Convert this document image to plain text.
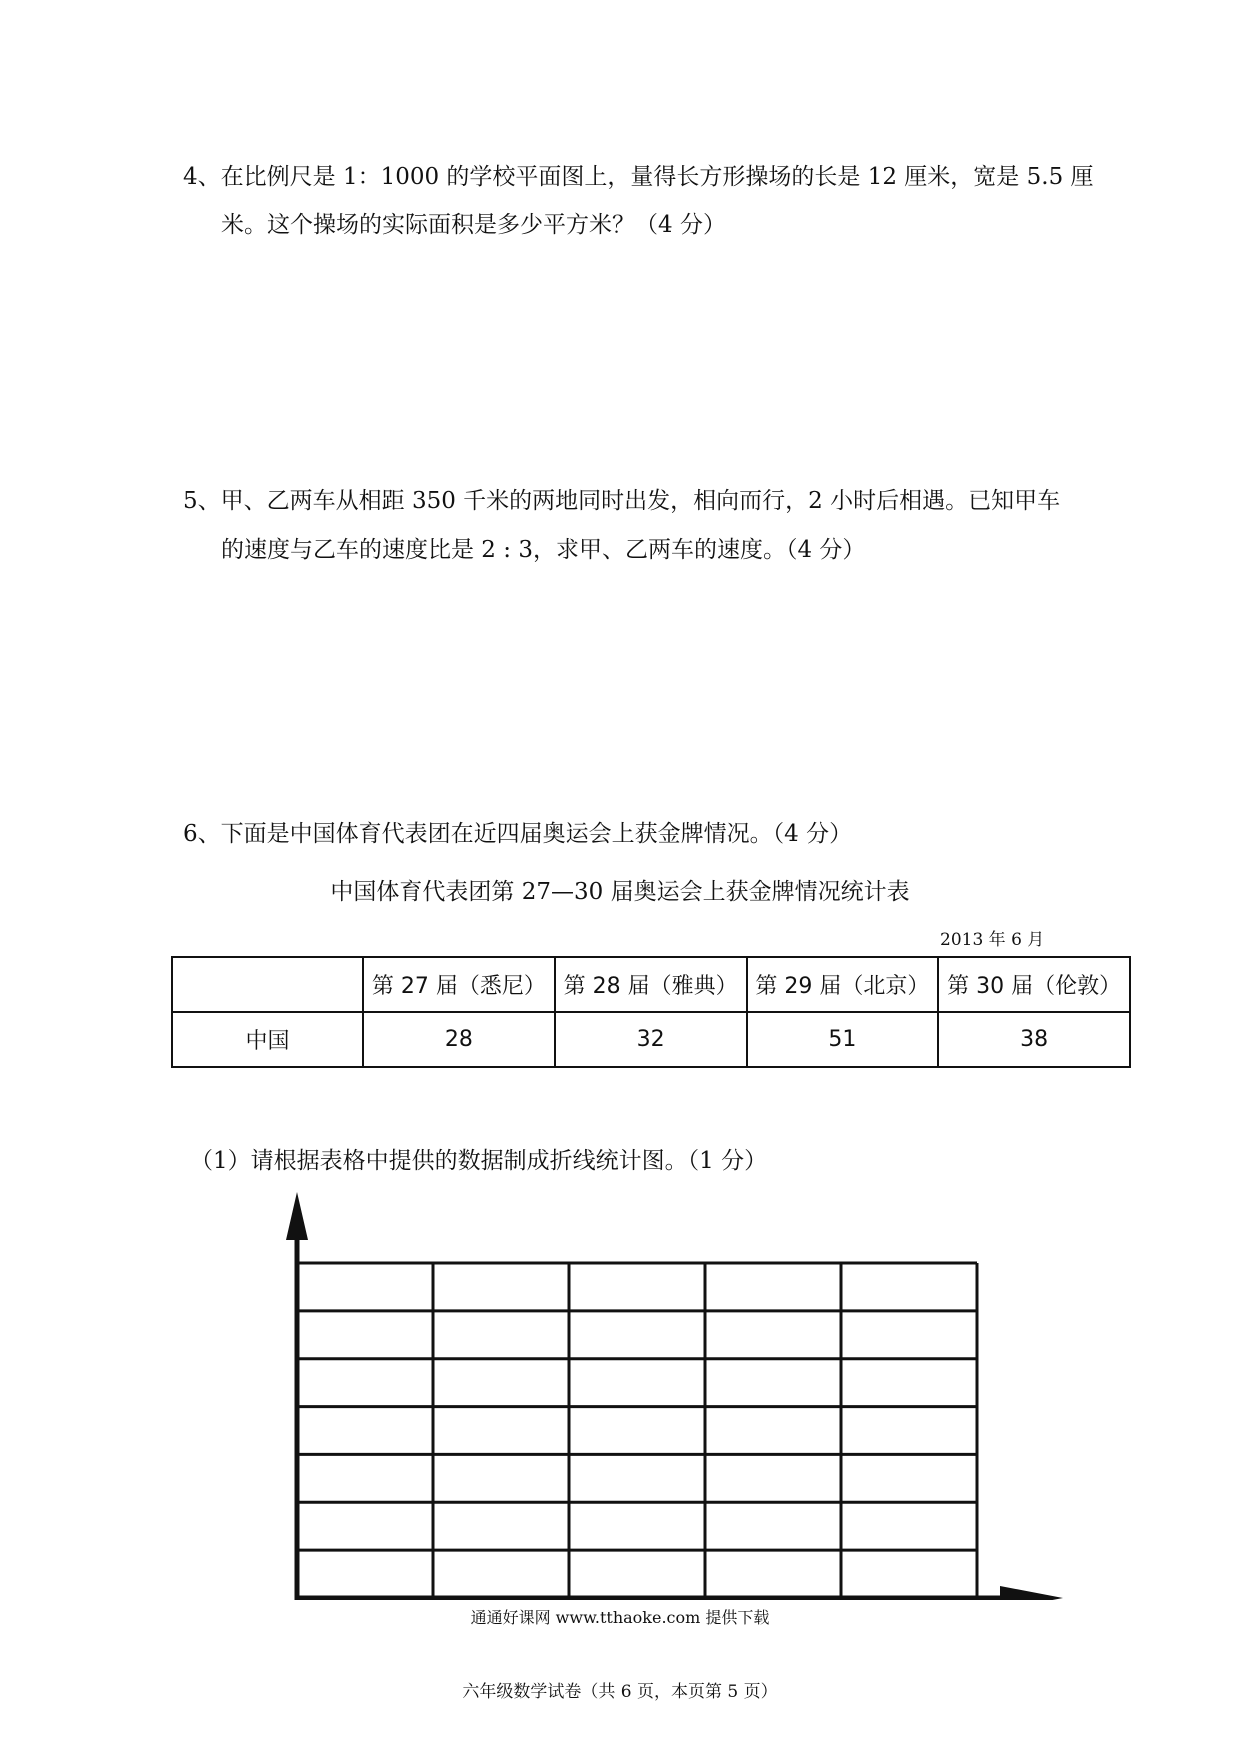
4、在比例尺是 1：1000 的学校平面图上，量得长方形操场的长是 12 厘米，宽是 5.5 厘
米。这个操场的实际面积是多少平方米？（4 分）
5、甲、乙两车从相距 350 千米的两地同时出发，相向而行，2 小时后相遇。已知甲车
的速度与乙车的速度比是 2 : 3，求甲、乙两车的速度。（4 分）
6、下面是中国体育代表团在近四届奥运会上获金牌情况。（4 分）
中国体育代表团第 27—30 届奥运会上获金牌情况统计表
2013 年 6 月
	第 27 届（悉尼）	第 28 届（雅典）	第 29 届（北京）	第 30 届（伦敦）
中国	28	32	51	38
（1）请根据表格中提供的数据制成折线统计图。（1 分）
通通好课网 www.tthaoke.com 提供下载
六年级数学试卷（共 6 页，本页第 5 页）
